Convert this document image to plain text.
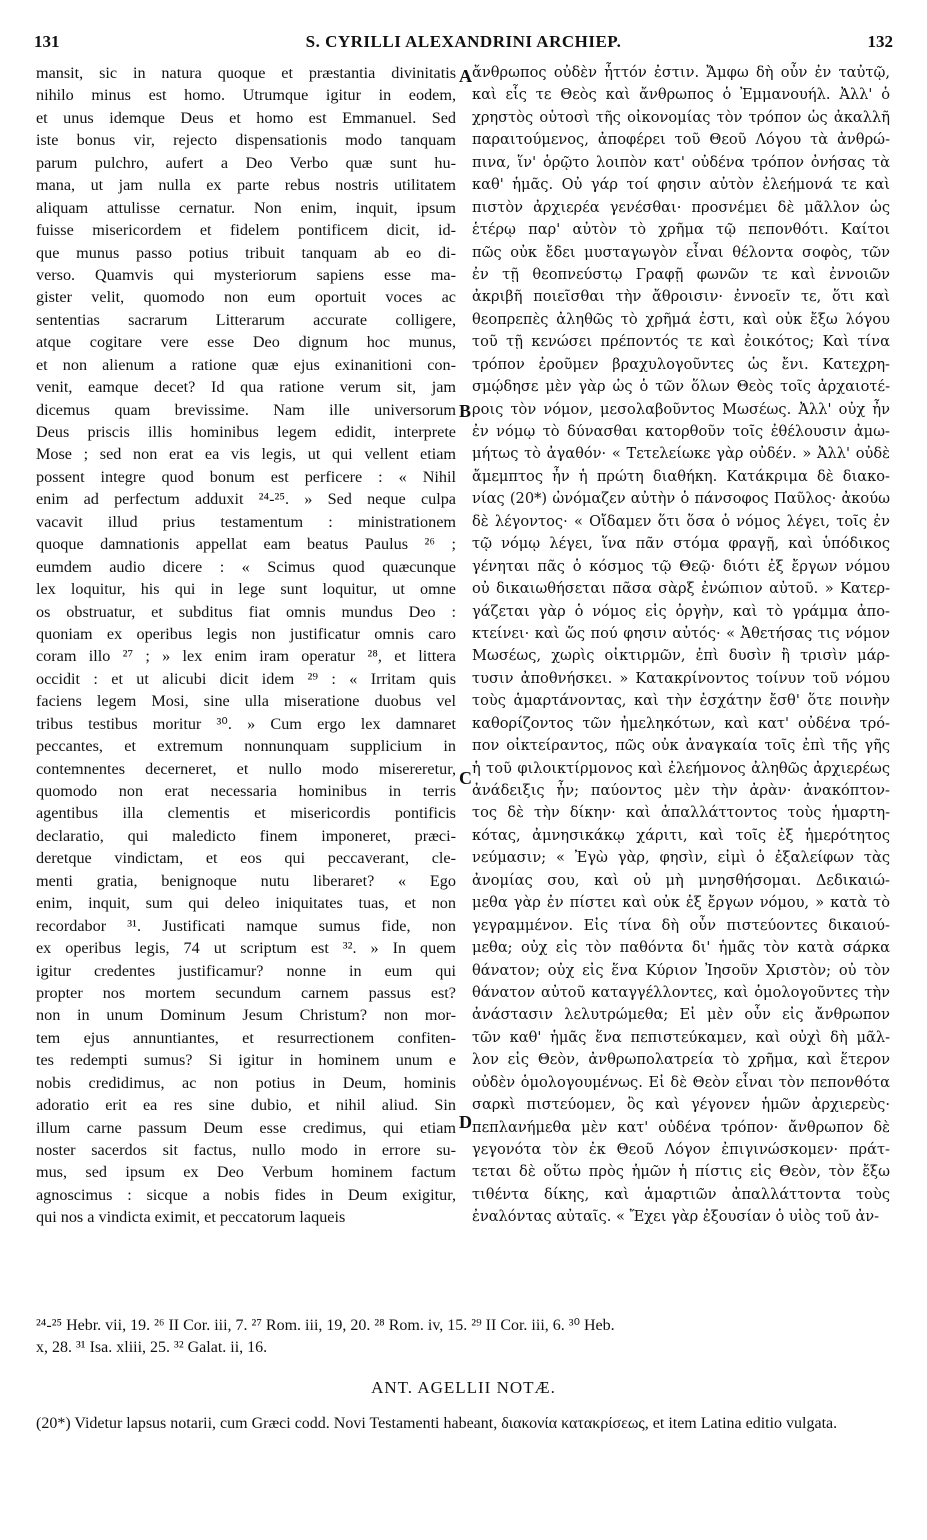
131	S. CYRILLI ALEXANDRINI ARCHIEP.	132
mansit, sic in natura quoque et præstantia divinitatis
nihilo minus est homo. Utrumque igitur in eodem,
et unus idemque Deus et homo est Emmanuel. Sed
iste bonus vir, rejecto dispensationis modo tanquam
parum pulchro, aufert a Deo Verbo quæ sunt hu-
mana, ut jam nulla ex parte rebus nostris utilitatem
aliquam attulisse cernatur. Non enim, inquit, ipsum
fuisse misericordem et fidelem pontificem dicit, id-
que munus passo potius tribuit tanquam ab eo di-
verso. Quamvis qui mysteriorum sapiens esse ma-
gister velit, quomodo non eum oportuit voces ac
sententias sacrarum Litterarum accurate colligere,
atque cogitare vere esse Deo dignum hoc munus,
et non alienum a ratione quæ ejus exinanitioni con-
venit, eamque decet? Id qua ratione verum sit, jam
dicemus quam brevissime. Nam ille universorum
Deus priscis illis hominibus legem edidit, interprete
Mose ; sed non erat ea vis legis, ut qui vellent etiam
possent integre quod bonum est perficere : « Nihil
enim ad perfectum adduxit ²⁴-²⁵. » Sed neque culpa
vacavit illud prius testamentum : ministrationem
quoque damnationis appellat eam beatus Paulus ²⁶ ;
eumdem audio dicere : « Scimus quod quæcunque
lex loquitur, his qui in lege sunt loquitur, ut omne
os obstruatur, et subditus fiat omnis mundus Deo :
quoniam ex operibus legis non justificatur omnis caro
coram illo ²⁷ ; » lex enim iram operatur ²⁸, et littera
occidit : et ut alicubi dicit idem ²⁹ : « Irritam quis
faciens legem Mosi, sine ulla miseratione duobus vel
tribus testibus moritur ³⁰. » Cum ergo lex damnaret
peccantes, et extremum nonnunquam supplicium in
contemnentes decerneret, et nullo modo misereretur,
quomodo non erat necessaria hominibus in terris
agentibus illa clementis et misericordis pontificis
declaratio, qui maledicto finem imponeret, præci-
deretque vindictam, et eos qui peccaverant, cle-
menti gratia, benignoque nutu liberaret? « Ego
enim, inquit, sum qui deleo iniquitates tuas, et non
recordabor ³¹. Justificati namque sumus fide, non
ex operibus legis, 74 ut scriptum est ³². » In quem
igitur credentes justificamur? nonne in eum qui
propter nos mortem secundum carnem passus est?
non in unum Dominum Jesum Christum? non mor-
tem ejus annuntiantes, et resurrectionem confiten-
tes redempti sumus? Si igitur in hominem unum e
nobis credidimus, ac non potius in Deum, hominis
adoratio erit ea res sine dubio, et nihil aliud. Sin
illum carne passum Deum esse credimus, qui etiam
noster sacerdos sit factus, nullo modo in errore su-
mus, sed ipsum ex Deo Verbum hominem factum
agnoscimus : sicque a nobis fides in Deum exigitur,
qui nos a vindicta eximit, et peccatorum laqueis
ἄνθρωπος οὐδὲν ἧττόν ἐστιν. Ἄμφω δὴ οὖν ἐν ταὐτῷ,
καὶ εἷς τε Θεὸς καὶ ἄνθρωπος ὁ Ἐμμανουήλ. Ἀλλ' ὁ
χρηστὸς οὑτοσὶ τῆς οἰκονομίας τὸν τρόπον ὡς ἀκαλλῆ
παραιτούμενος, ἀποφέρει τοῦ Θεοῦ Λόγου τὰ ἀνθρώ-
πινα, ἵν' ὁρῷτο λοιπὸν κατ' οὐδένα τρόπον ὀνήσας τὰ
καθ' ἡμᾶς. Οὐ γάρ τοί φησιν αὐτὸν ἐλεήμονά τε καὶ
πιστὸν ἀρχιερέα γενέσθαι· προσνέμει δὲ μᾶλλον ὡς
ἑτέρῳ παρ' αὐτὸν τὸ χρῆμα τῷ πεπονθότι. Καίτοι
πῶς οὐκ ἔδει μυσταγωγὸν εἶναι θέλοντα σοφὸς, τῶν
ἐν τῇ θεοπνεύστῳ Γραφῇ φωνῶν τε καὶ ἐννοιῶν
ἀκριβῆ ποιεῖσθαι τὴν ἄθροισιν· ἐννοεῖν τε, ὅτι καὶ
θεοπρεπὲς ἀληθῶς τὸ χρῆμά ἐστι, καὶ οὐκ ἔξω λόγου
τοῦ τῇ κενώσει πρέποντός τε καὶ ἐοικότος; Καὶ τίνα
τρόπον ἐροῦμεν βραχυλογοῦντες ὡς ἔνι. Κατεχρη-
σμῴδησε μὲν γὰρ ὡς ὁ τῶν ὅλων Θεὸς τοῖς ἀρχαιοτέ-
ροις τὸν νόμον, μεσολαβοῦντος Μωσέως. Ἀλλ' οὐχ ἦν
ἐν νόμῳ τὸ δύνασθαι κατορθοῦν τοῖς ἐθέλουσιν ἀμω-
μήτως τὸ ἀγαθόν· « Τετελείωκε γὰρ οὐδέν. » Ἀλλ' οὐδὲ
ἄμεμπτος ἦν ἡ πρώτη διαθήκη. Κατάκριμα δὲ διακο-
νίας (20*) ὠνόμαζεν αὐτὴν ὁ πάνσοφος Παῦλος· ἀκούω
δὲ λέγοντος· « Οἴδαμεν ὅτι ὅσα ὁ νόμος λέγει, τοῖς ἐν
τῷ νόμῳ λέγει, ἵνα πᾶν στόμα φραγῇ, καὶ ὑπόδικος
γένηται πᾶς ὁ κόσμος τῷ Θεῷ· διότι ἐξ ἔργων νόμου
οὐ δικαιωθήσεται πᾶσα σὰρξ ἐνώπιον αὐτοῦ. » Κατερ-
γάζεται γὰρ ὁ νόμος εἰς ὀργὴν, καὶ τὸ γράμμα ἀπο-
κτείνει· καὶ ὥς πού φησιν αὐτός· « Ἀθετήσας τις νόμον
Μωσέως, χωρὶς οἰκτιρμῶν, ἐπὶ δυσὶν ἢ τρισὶν μάρ-
τυσιν ἀποθνήσκει. » Κατακρίνοντος τοίνυν τοῦ νόμου
τοὺς ἁμαρτάνοντας, καὶ τὴν ἐσχάτην ἔσθ' ὅτε ποινὴν
καθορίζοντος τῶν ἠμεληκότων, καὶ κατ' οὐδένα τρό-
πον οἰκτείραντος, πῶς οὐκ ἀναγκαία τοῖς ἐπὶ τῆς γῆς
ἡ τοῦ φιλοικτίρμονος καὶ ἐλεήμονος ἀληθῶς ἀρχιερέως
ἀνάδειξις ἦν; παύοντος μὲν τὴν ἀρὰν· ἀνακόπτον-
τος δὲ τὴν δίκην· καὶ ἀπαλλάττοντος τοὺς ἡμαρτη-
κότας, ἀμνησικάκῳ χάριτι, καὶ τοῖς ἐξ ἡμερότητος
νεύμασιν; « Ἐγὼ γὰρ, φησὶν, εἰμὶ ὁ ἐξαλείφων τὰς
ἀνομίας σου, καὶ οὐ μὴ μνησθήσομαι. Δεδικαιώ-
μεθα γὰρ ἐν πίστει καὶ οὐκ ἐξ ἔργων νόμου, » κατὰ τὸ
γεγραμμένον. Εἰς τίνα δὴ οὖν πιστεύοντες δικαιού-
μεθα; οὐχ εἰς τὸν παθόντα δι' ἡμᾶς τὸν κατὰ σάρκα
θάνατον; οὐχ εἰς ἕνα Κύριον Ἰησοῦν Χριστὸν; οὐ τὸν
θάνατον αὐτοῦ καταγγέλλοντες, καὶ ὁμολογοῦντες τὴν
ἀνάστασιν λελυτρώμεθα; Εἰ μὲν οὖν εἰς ἄνθρωπον
τῶν καθ' ἡμᾶς ἕνα πεπιστεύκαμεν, καὶ οὐχὶ δὴ μᾶλ-
λον εἰς Θεὸν, ἀνθρωπολατρεία τὸ χρῆμα, καὶ ἕτερον
οὐδὲν ὁμολογουμένως. Εἰ δὲ Θεὸν εἶναι τὸν πεπονθότα
σαρκὶ πιστεύομεν, ὃς καὶ γέγονεν ἡμῶν ἀρχιερεὺς·
πεπλανήμεθα μὲν κατ' οὐδένα τρόπον· ἄνθρωπον δὲ
γεγονότα τὸν ἐκ Θεοῦ Λόγον ἐπιγινώσκομεν· πράτ-
τεται δὲ οὕτω πρὸς ἡμῶν ἡ πίστις εἰς Θεὸν, τὸν ἔξω
τιθέντα δίκης, καὶ ἁμαρτιῶν ἀπαλλάττοντα τοὺς
ἐναλόντας αὐταῖς. « Ἔχει γὰρ ἐξουσίαν ὁ υἱὸς τοῦ ἀν-
A
B
C
D
²⁴-²⁵ Hebr. vii, 19. ²⁶ II Cor. iii, 7. ²⁷ Rom. iii, 19, 20. ²⁸ Rom. iv, 15. ²⁹ II Cor. iii, 6. ³⁰ Heb.
x, 28. ³¹ Isa. xliii, 25. ³² Galat. ii, 16.
ANT. AGELLII NOTÆ.
(20*) Videtur lapsus notarii, cum Græci codd. Novi Testamenti habeant, διακονία κατακρίσεως, et item Latina editio vulgata.
